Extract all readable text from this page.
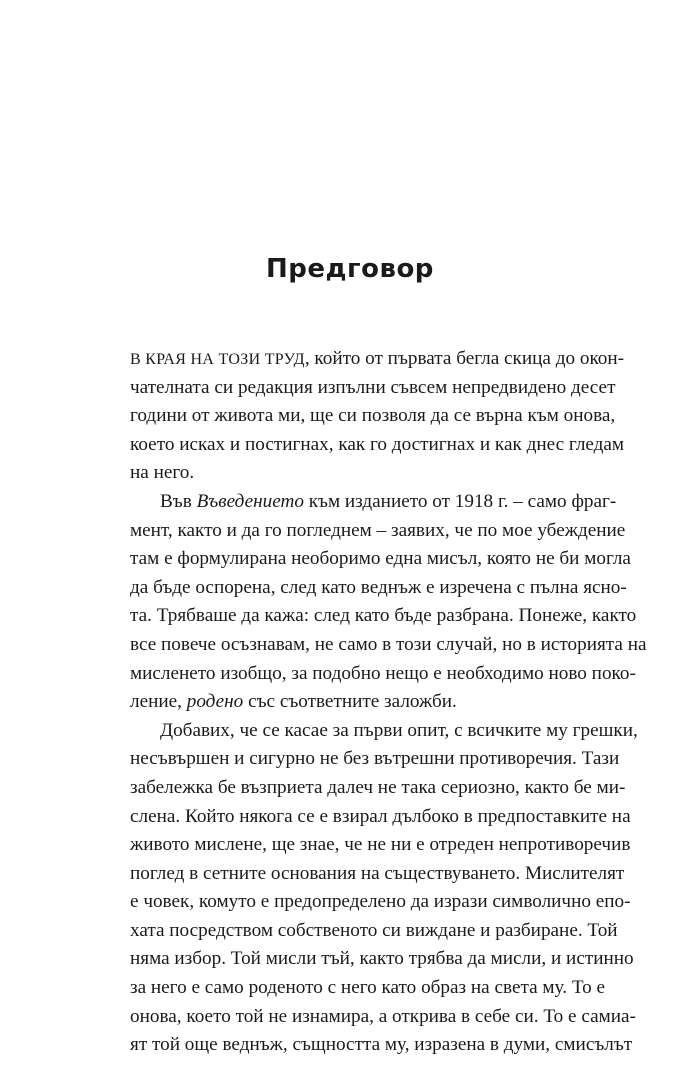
Предговор
В КРАЯ НА ТОЗИ ТРУД, който от първата бегла скица до окон-
чателната си редакция изпълни съвсем непредвидено десет
години от живота ми, ще си позволя да се върна към онова,
което исках и постигнах, как го достигнах и как днес гледам
на него.
Във Въведението към изданието от 1918 г. – само фраг-
мент, както и да го погледнем – заявих, че по мое убеждение
там е формулирана необоримо една мисъл, която не би могла
да бъде оспорена, след като веднъж е изречена с пълна ясно-
та. Трябваше да кажа: след като бъде разбрана. Понеже, както
все повече осъзнавам, не само в този случай, но в историята на
мисленето изобщо, за подобно нещо е необходимо ново поко-
ление, родено със съответните заложби.
Добавих, че се касае за първи опит, с всичките му грешки,
несъвършен и сигурно не без вътрешни противоречия. Тази
забележка бе възприета далеч не така сериозно, както бе ми-
слена. Който някога се е взирал дълбоко в предпоставките на
живото мислене, ще знае, че не ни е отреден непротиворечив
поглед в сетните основания на съществуването. Мислителят
е човек, комуто е предопределено да изрази символично епо-
хата посредством собственото си виждане и разбиране. Той
няма избор. Той мисли тъй, както трябва да мисли, и истинно
за него е само роденото с него като образ на света му. То е
онова, което той не изнамира, а открива в себе си. То е самиa-
ят той още веднъж, същността му, изразена в думи, смисълът
